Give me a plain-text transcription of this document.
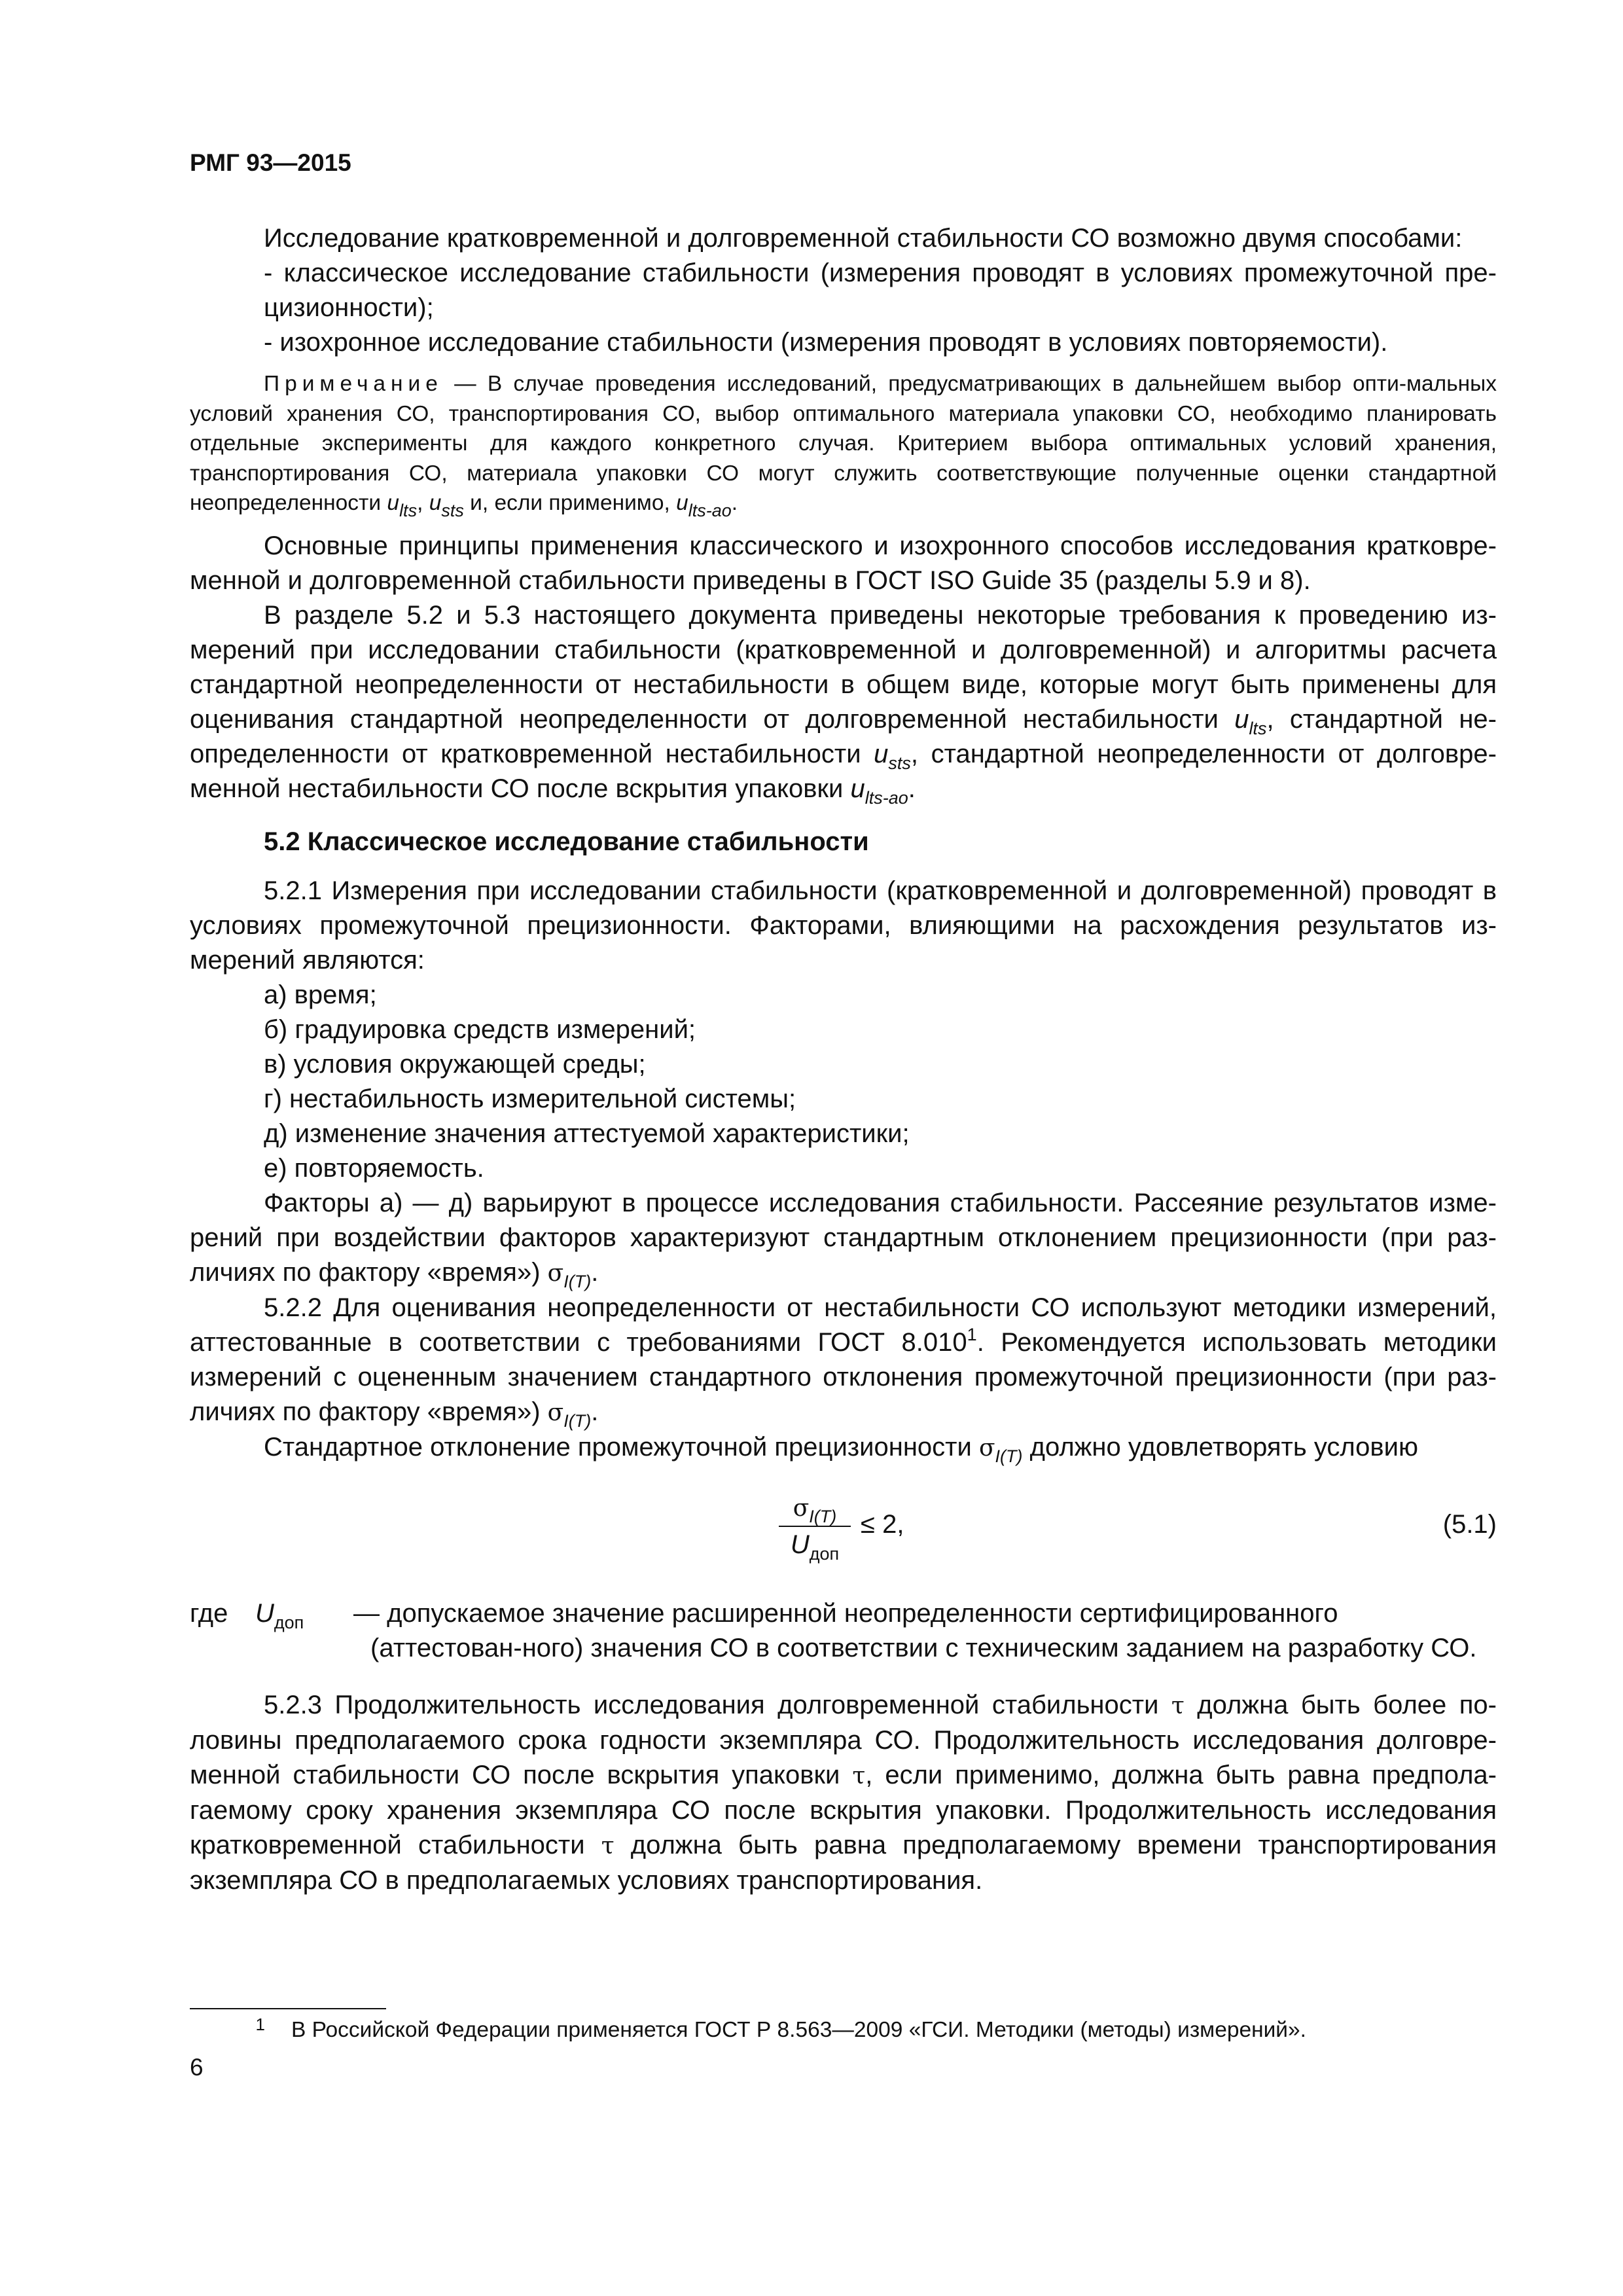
РМГ 93—2015

Исследование кратковременной и долговременной стабильности СО возможно двумя способами:

- классическое исследование стабильности (измерения проводят в условиях промежуточной пре-цизионности);

- изохронное исследование стабильности (измерения проводят в условиях повторяемости).

Примечание — В случае проведения исследований, предусматривающих в дальнейшем выбор опти-мальных условий хранения СО, транспортирования СО, выбор оптимального материала упаковки СО, необходимо планировать отдельные эксперименты для каждого конкретного случая. Критерием выбора оптимальных условий хранения, транспортирования СО, материала упаковки СО могут служить соответствующие полученные оценки стандартной неопределенности $u_{lts}$, $u_{sts}$ и, если применимо, $u_{lts-ao}$.

Основные принципы применения классического и изохронного способов исследования кратковре-менной и долговременной стабильности приведены в ГОСТ ISO Guide 35 (разделы 5.9 и 8).

В разделе 5.2 и 5.3 настоящего документа приведены некоторые требования к проведению из-мерений при исследовании стабильности (кратковременной и долговременной) и алгоритмы расчета стандартной неопределенности от нестабильности в общем виде, которые могут быть применены для оценивания стандартной неопределенности от долговременной нестабильности $u_{lts}$, стандартной не-определенности от кратковременной нестабильности $u_{sts}$, стандартной неопределенности от долговре-менной нестабильности СО после вскрытия упаковки $u_{lts-ao}$.

5.2 Классическое исследование стабильности

5.2.1 Измерения при исследовании стабильности (кратковременной и долговременной) проводят в условиях промежуточной прецизионности. Факторами, влияющими на расхождения результатов из-мерений являются:

а) время;

б) градуировка средств измерений;

в) условия окружающей среды;

г) нестабильность измерительной системы;

д) изменение значения аттестуемой характеристики;

е) повторяемость.

Факторы а) — д) варьируют в процессе исследования стабильности. Рассеяние результатов изме-рений при воздействии факторов характеризуют стандартным отклонением прецизионности (при раз-личиях по фактору «время») $\sigma_{I(T)}$.

5.2.2 Для оценивания неопределенности от нестабильности СО используют методики измерений, аттестованные в соответствии с требованиями ГОСТ 8.010$^1$. Рекомендуется использовать методики измерений с оцененным значением стандартного отклонения промежуточной прецизионности (при раз-личиях по фактору «время») $\sigma_{I(T)}$.

Стандартное отклонение промежуточной прецизионности $\sigma_{I(T)}$ должно удовлетворять условию

$\sigma_{I(T)}$
$U_{доп}$
≤ 2,	(5.1)
где $U_{доп}$	— допускаемое значение расширенной неопределенности сертифицированного (аттестован-ного) значения СО в соответствии с техническим заданием на разработку СО.

5.2.3 Продолжительность исследования долговременной стабильности τ должна быть более по-ловины предполагаемого срока годности экземпляра СО. Продолжительность исследования долговре-менной стабильности СО после вскрытия упаковки τ, если применимо, должна быть равна предпола-гаемому сроку хранения экземпляра СО после вскрытия упаковки. Продолжительность исследования кратковременной стабильности τ должна быть равна предполагаемому времени транспортирования экземпляра СО в предполагаемых условиях транспортирования.

1 В Российской Федерации применяется ГОСТ Р 8.563—2009 «ГСИ. Методики (методы) измерений».
6
